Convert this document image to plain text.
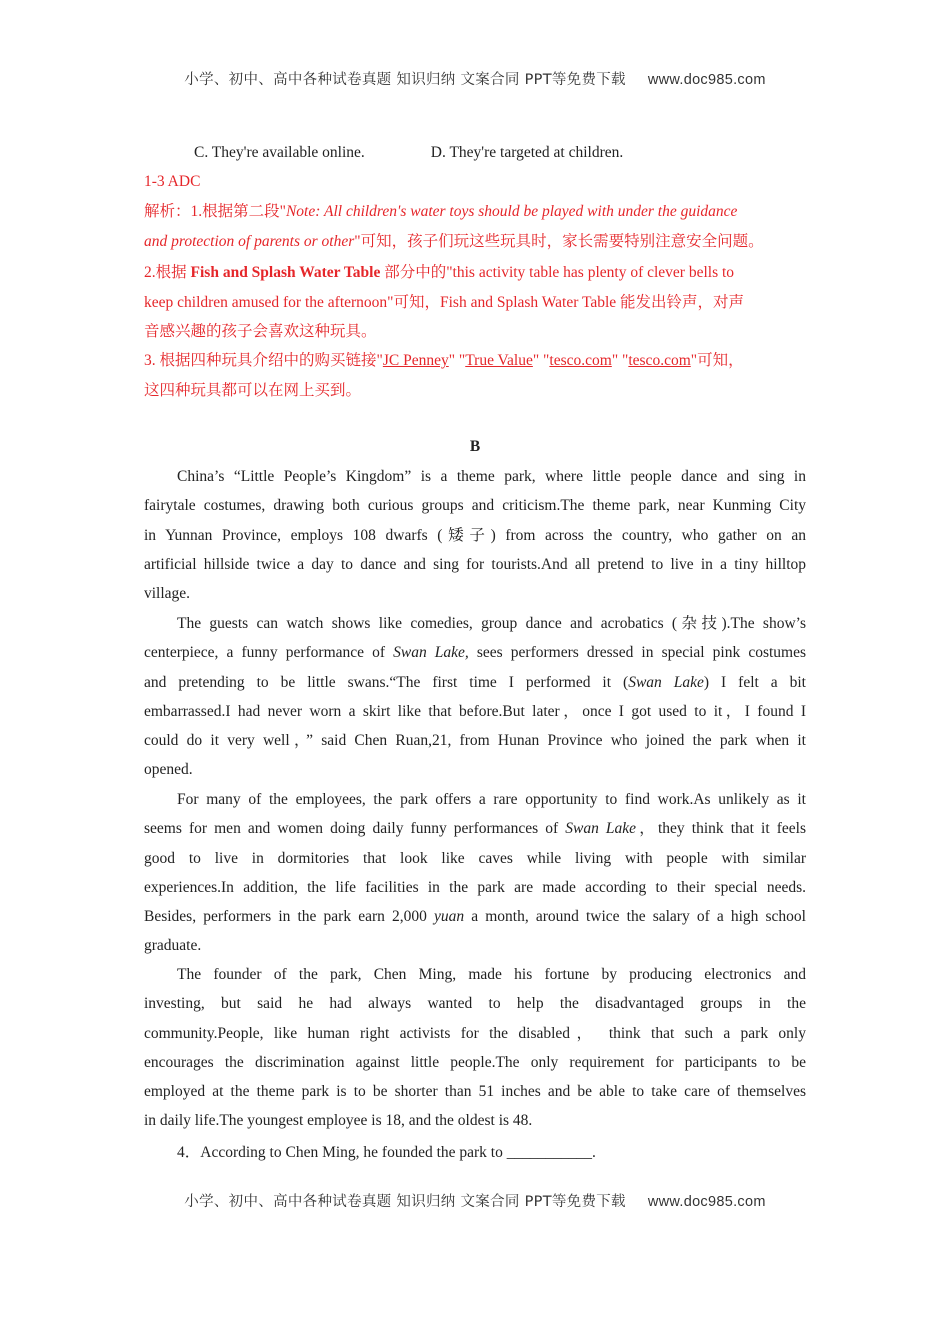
小学、初中、高中各种试卷真题 知识归纳 文案合同 PPT等免费下载 www.doc985.com
C. They're available online.	D. They're targeted at children.
1-3 ADC
解析：1.根据第二段"Note: All children's water toys should be played with under the guidance
and protection of parents or other"可知，孩子们玩这些玩具时，家长需要特别注意安全问题。
2.根据 Fish and Splash Water Table 部分中的"this activity table has plenty of clever bells to
keep children amused for the afternoon"可知，Fish and Splash Water Table 能发出铃声，对声
音感兴趣的孩子会喜欢这种玩具。
3. 根据四种玩具介绍中的购买链接"JC Penney" "True Value" "tesco.com" "tesco.com"可知，
这四种玩具都可以在网上买到。
B
China’s “Little People’s Kingdom” is a theme park, where little people dance and sing in
fairytale costumes, drawing both curious groups and criticism.The theme park, near Kunming City
in Yunnan Province, employs 108 dwarfs (矮子) from across the country, who gather on an
artificial hillside twice a day to dance and sing for tourists.And all pretend to live in a tiny hilltop
village.
The guests can watch shows like comedies, group dance and acrobatics (杂技).The show’s
centerpiece, a funny performance of Swan Lake, sees performers dressed in special pink costumes
and pretending to be little swans.“The first time I performed it (Swan Lake) I felt a bit
embarrassed.I had never worn a skirt like that before.But later，once I got used to it，I found I
could do it very well，” said Chen Ruan,21, from Hunan Province who joined the park when it
opened.
For many of the employees, the park offers a rare opportunity to find work.As unlikely as it
seems for men and women doing daily funny performances of Swan Lake，they think that it feels
good to live in dormitories that look like caves while living with people with similar
experiences.In addition, the life facilities in the park are made according to their special needs.
Besides, performers in the park earn 2,000 yuan a month, around twice the salary of a high school
graduate.
The founder of the park, Chen Ming, made his fortune by producing electronics and
investing, but said he had always wanted to help the disadvantaged groups in the
community.People, like human right activists for the disabled， think that such a park only
encourages the discrimination against little people.The only requirement for participants to be
employed at the theme park is to be shorter than 51 inches and be able to take care of themselves
in daily life.The youngest employee is 18, and the oldest is 48.
4．According to Chen Ming, he founded the park to ___________.
小学、初中、高中各种试卷真题 知识归纳 文案合同 PPT等免费下载 www.doc985.com
